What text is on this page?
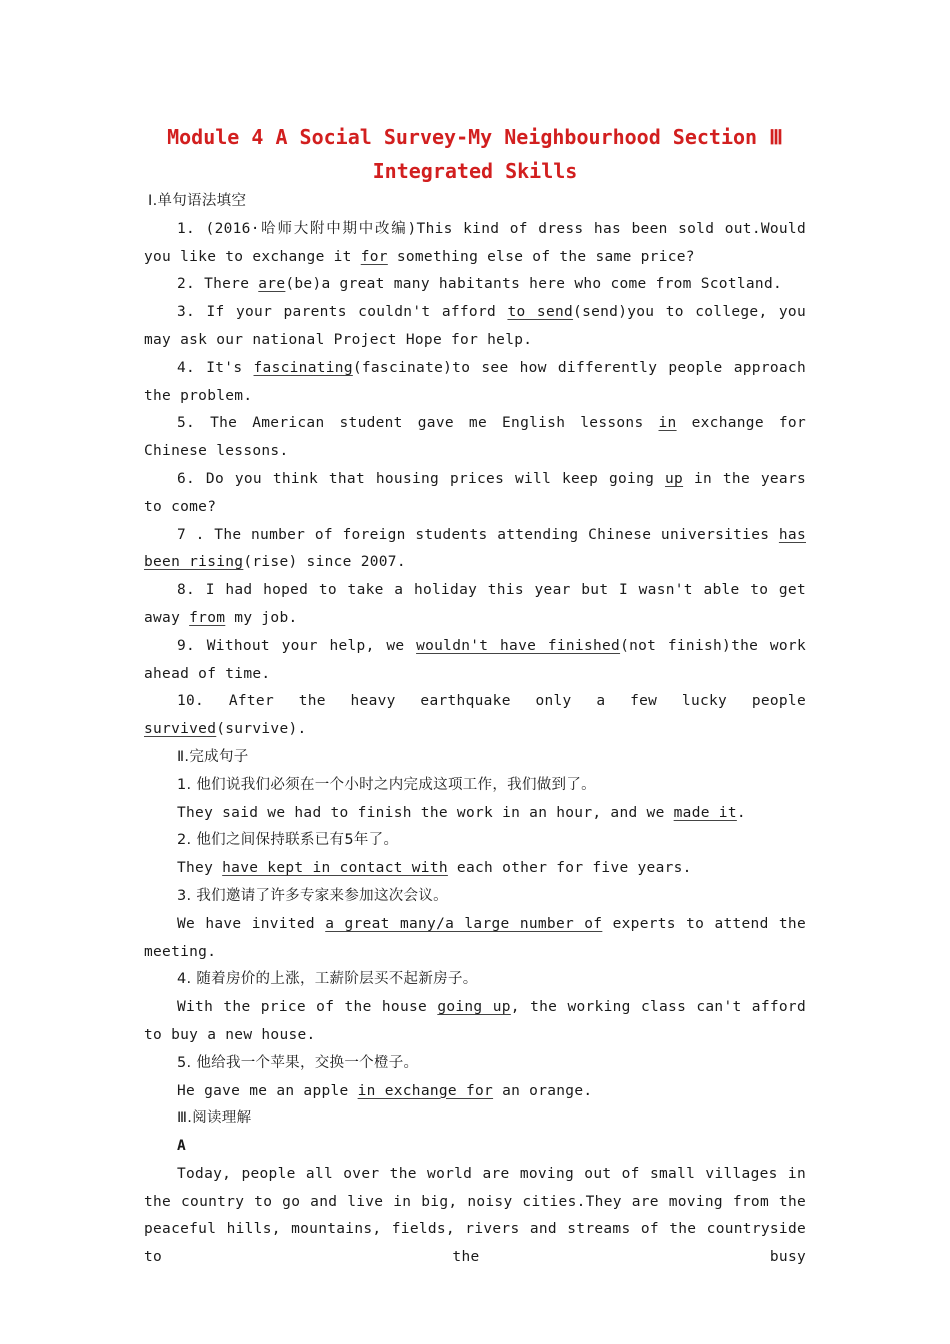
Module 4 A Social Survey-My Neighbourhood Section Ⅲ
Integrated Skills

Ⅰ.单句语法填空

1. (2016·哈师大附中期中改编)This kind of dress has been sold out.Would you like to exchange it for something else of the same price?

2. There are(be)a great many habitants here who come from Scotland.

3. If your parents couldn't afford to send(send)you to college, you may ask our national Project Hope for help.

4. It's fascinating(fascinate)to see how differently people approach the problem.

5. The American student gave me English lessons in exchange for Chinese lessons.

6. Do you think that housing prices will keep going up in the years to come?

7 . The number of foreign students attending Chinese universities has been rising(rise) since 2007.

8. I had hoped to take a holiday this year but I wasn't able to get away from my job.

9. Without your help, we wouldn't have finished(not finish)the work ahead of time.

10. After the heavy earthquake only a few lucky people survived(survive).

Ⅱ.完成句子

1. 他们说我们必须在一个小时之内完成这项工作，我们做到了。

They said we had to finish the work in an hour, and we made it.

2. 他们之间保持联系已有5年了。

They have kept in contact with each other for five years.

3. 我们邀请了许多专家来参加这次会议。

We have invited a great many/a large number of experts to attend the meeting.

4. 随着房价的上涨，工薪阶层买不起新房子。

With the price of the house going up, the working class can't afford to buy a new house.

5. 他给我一个苹果，交换一个橙子。

He gave me an apple in exchange for an orange.

Ⅲ.阅读理解

A

Today, people all over the world are moving out of small villages in the country to go and live in big, noisy cities.They are moving from the peaceful hills, mountains, fields, rivers and streams of the countryside to the busy
